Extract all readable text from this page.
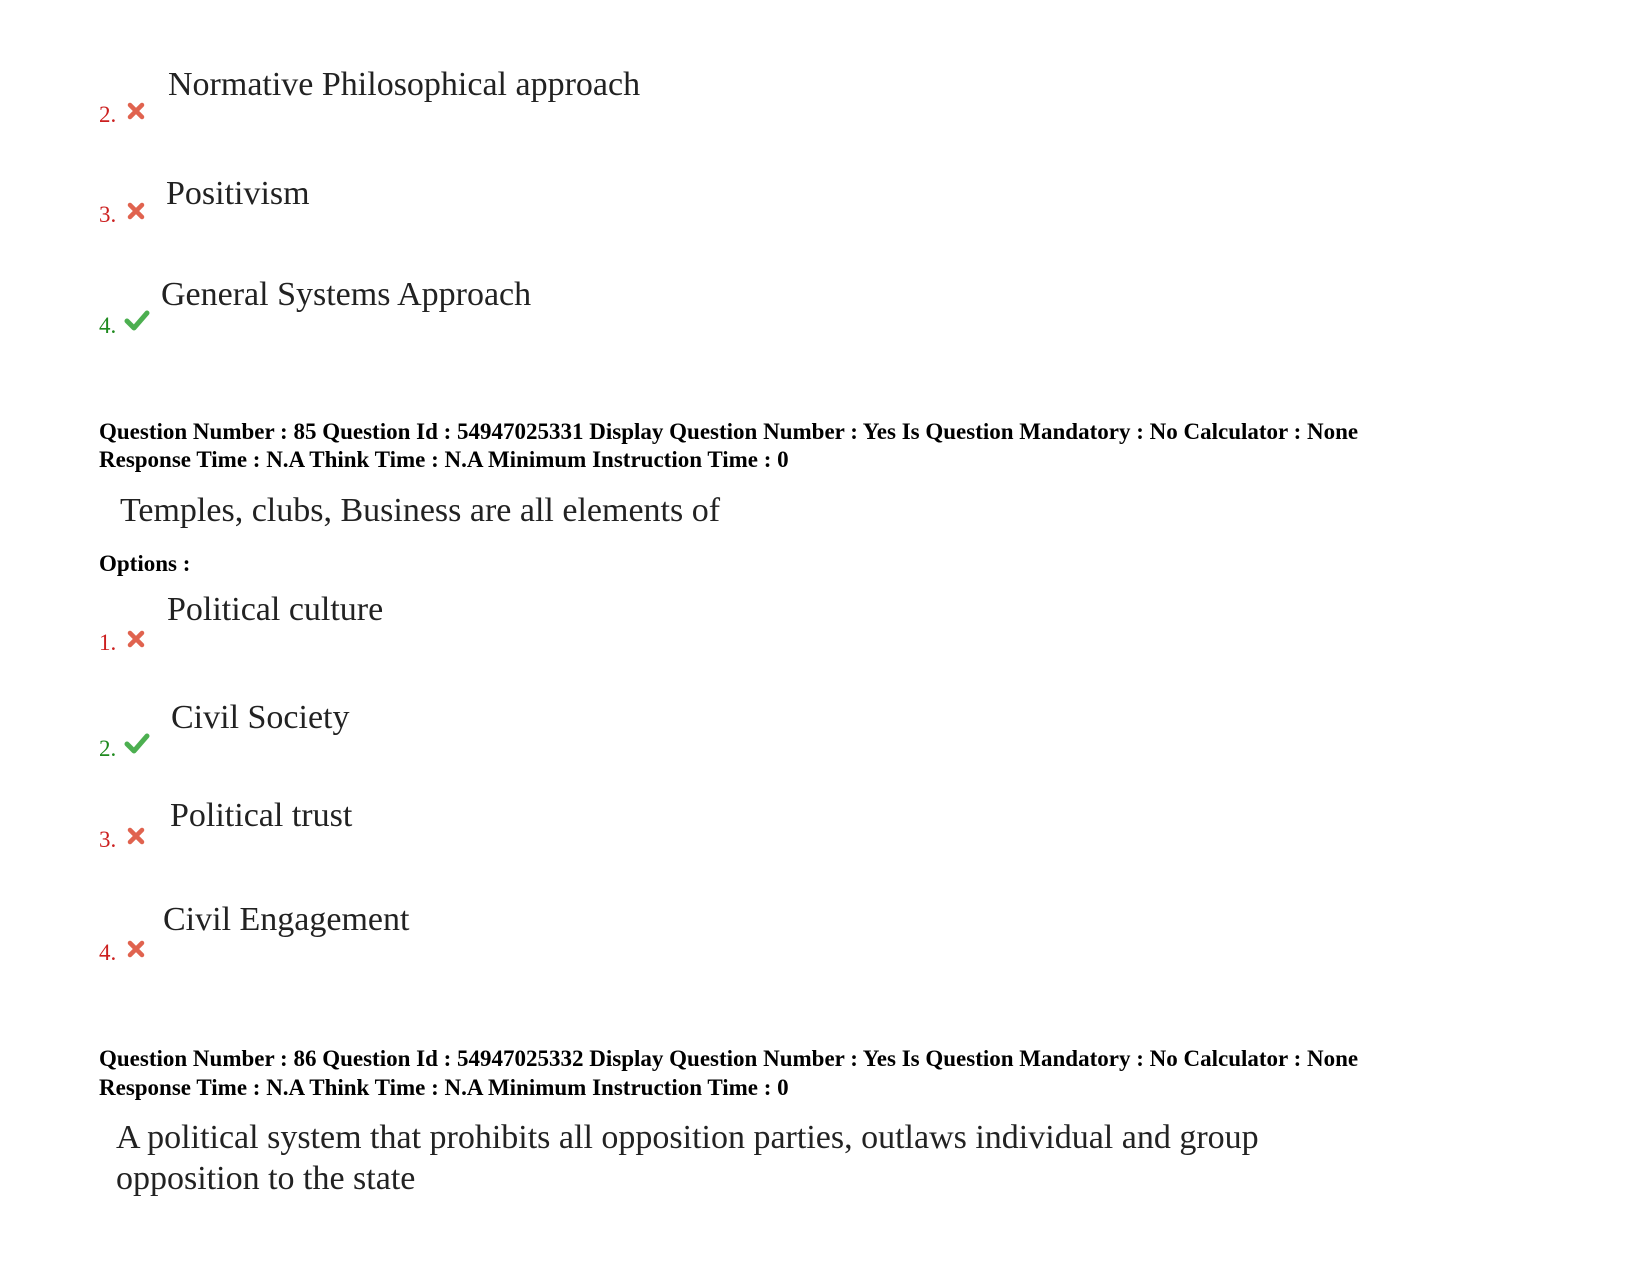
2.
Normative Philosophical approach
3.
Positivism
4.
General Systems Approach
Question Number : 85 Question Id : 54947025331 Display Question Number : Yes Is Question Mandatory : No Calculator : None
Response Time : N.A Think Time : N.A Minimum Instruction Time : 0
Temples, clubs, Business are all elements of
Options :
1.
Political culture
2.
Civil Society
3.
Political trust
4.
Civil Engagement
Question Number : 86 Question Id : 54947025332 Display Question Number : Yes Is Question Mandatory : No Calculator : None
Response Time : N.A Think Time : N.A Minimum Instruction Time : 0
A political system that prohibits all opposition parties, outlaws individual and group
opposition to the state
